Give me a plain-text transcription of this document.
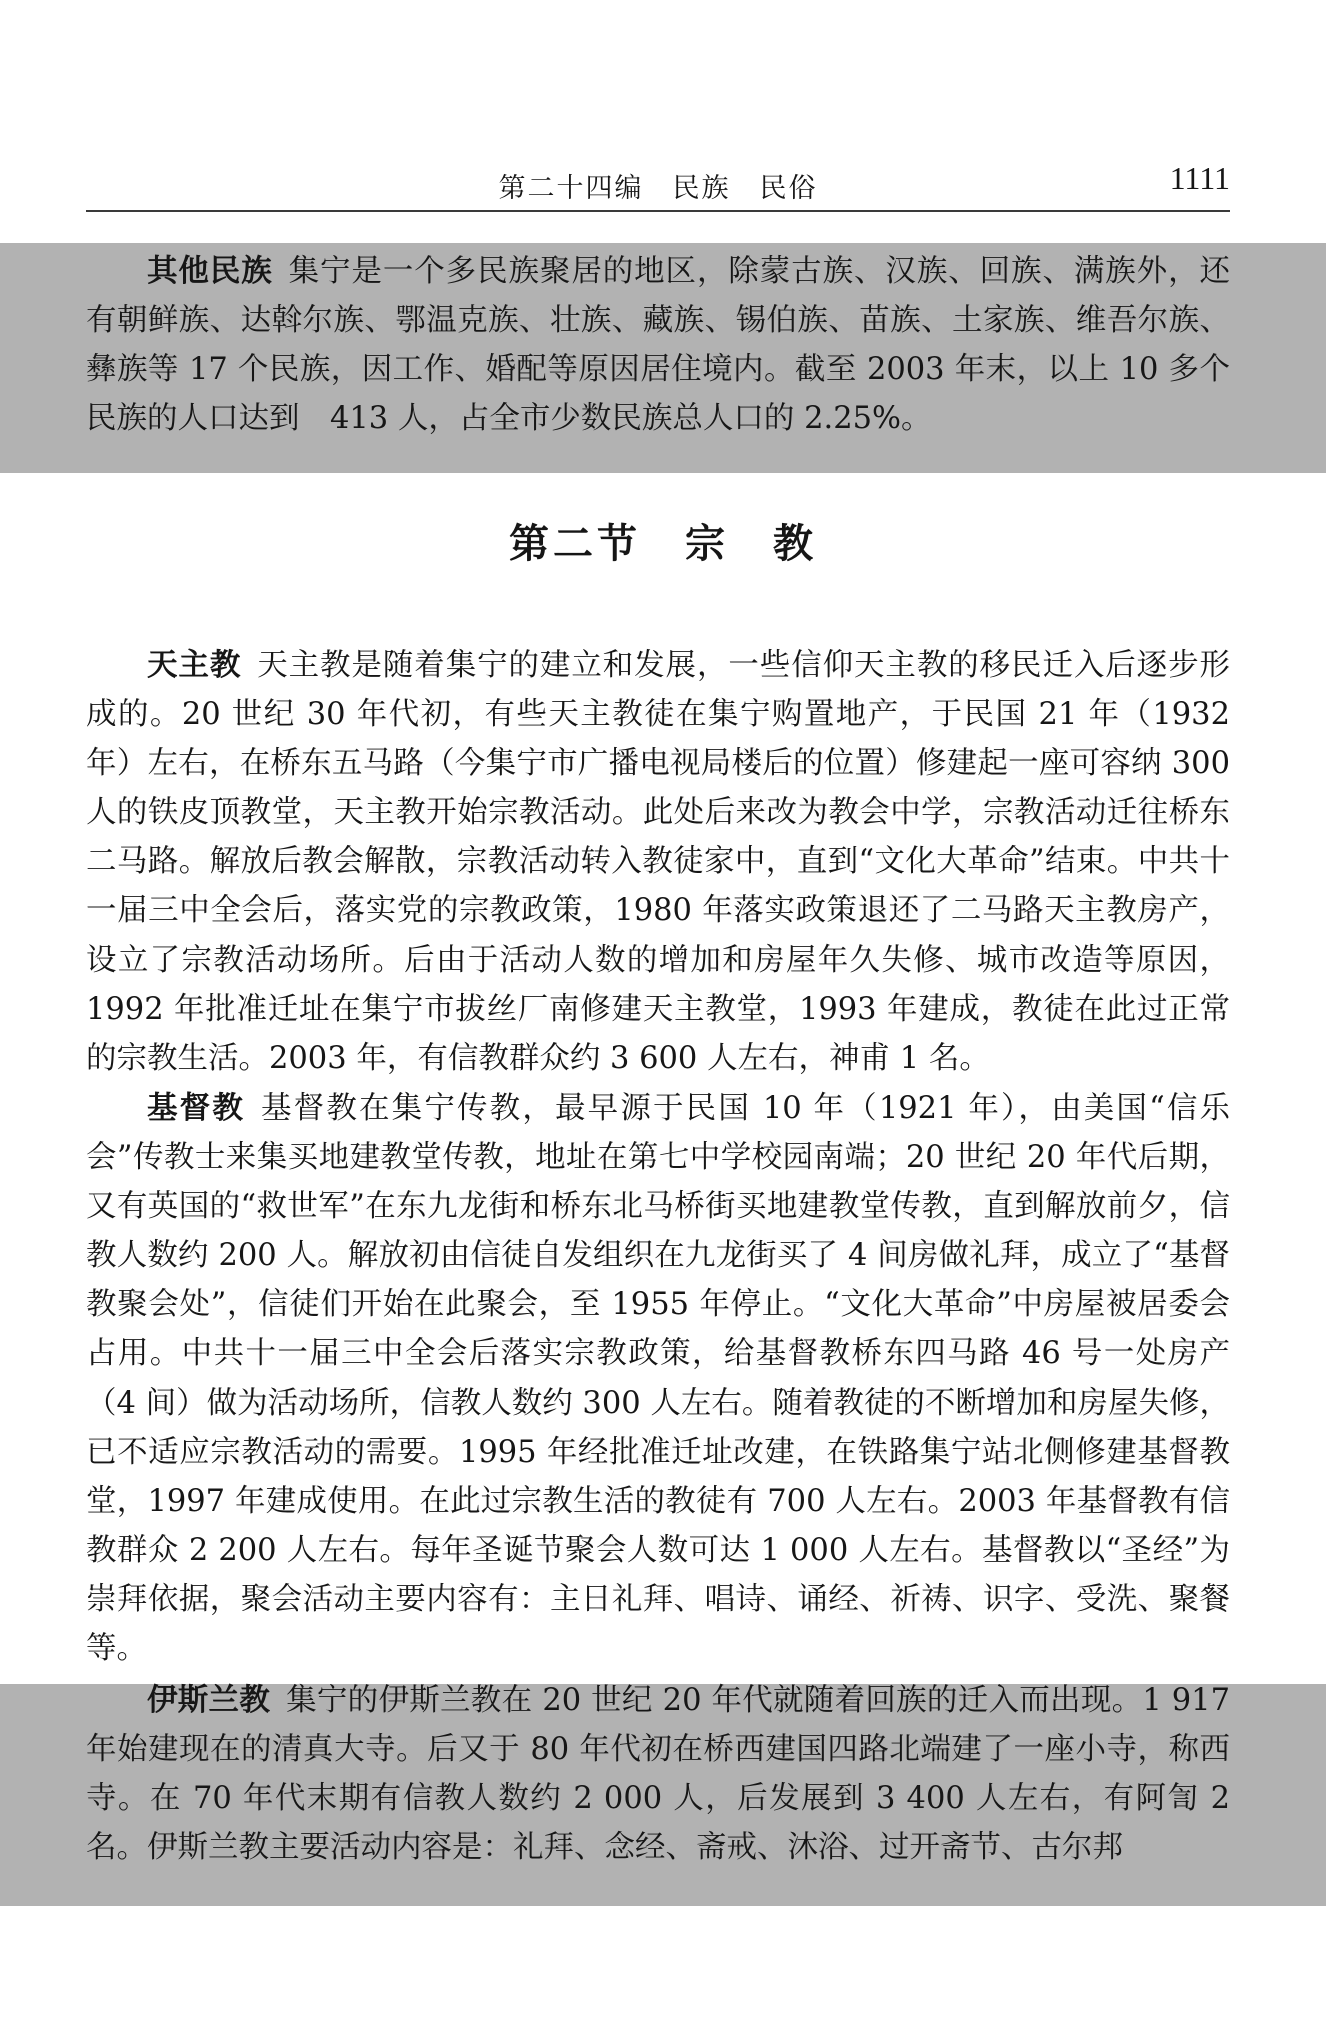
第二十四编　民族　民俗	1111

其他民族 集宁是一个多民族聚居的地区，除蒙古族、汉族、回族、满族外，还有朝鲜族、达斡尔族、鄂温克族、壮族、藏族、锡伯族、苗族、土家族、维吾尔族、彝族等 17 个民族，因工作、婚配等原因居住境内。截至 2003 年末，以上 10 多个民族的人口达到　413 人，占全市少数民族总人口的 2.25%。

第二节　宗　教

天主教 天主教是随着集宁的建立和发展，一些信仰天主教的移民迁入后逐步形成的。20 世纪 30 年代初，有些天主教徒在集宁购置地产，于民国 21 年（1932 年）左右，在桥东五马路（今集宁市广播电视局楼后的位置）修建起一座可容纳 300 人的铁皮顶教堂，天主教开始宗教活动。此处后来改为教会中学，宗教活动迁往桥东二马路。解放后教会解散，宗教活动转入教徒家中，直到“文化大革命”结束。中共十一届三中全会后，落实党的宗教政策，1980 年落实政策退还了二马路天主教房产，设立了宗教活动场所。后由于活动人数的增加和房屋年久失修、城市改造等原因，1992 年批准迁址在集宁市拔丝厂南修建天主教堂，1993 年建成，教徒在此过正常的宗教生活。2003 年，有信教群众约 3 600 人左右，神甫 1 名。

基督教 基督教在集宁传教，最早源于民国 10 年（1921 年），由美国“信乐会”传教士来集买地建教堂传教，地址在第七中学校园南端；20 世纪 20 年代后期，又有英国的“救世军”在东九龙街和桥东北马桥街买地建教堂传教，直到解放前夕，信教人数约 200 人。解放初由信徒自发组织在九龙街买了 4 间房做礼拜，成立了“基督教聚会处”，信徒们开始在此聚会，至 1955 年停止。“文化大革命”中房屋被居委会占用。中共十一届三中全会后落实宗教政策，给基督教桥东四马路 46 号一处房产（4 间）做为活动场所，信教人数约 300 人左右。随着教徒的不断增加和房屋失修，已不适应宗教活动的需要。1995 年经批准迁址改建，在铁路集宁站北侧修建基督教堂，1997 年建成使用。在此过宗教生活的教徒有 700 人左右。2003 年基督教有信教群众 2 200 人左右。每年圣诞节聚会人数可达 1 000 人左右。基督教以“圣经”为崇拜依据，聚会活动主要内容有：主日礼拜、唱诗、诵经、祈祷、识字、受洗、聚餐等。

伊斯兰教 集宁的伊斯兰教在 20 世纪 20 年代就随着回族的迁入而出现。1 917 年始建现在的清真大寺。后又于 80 年代初在桥西建国四路北端建了一座小寺，称西寺。在 70 年代末期有信教人数约 2 000 人，后发展到 3 400 人左右，有阿訇 2 名。伊斯兰教主要活动内容是：礼拜、念经、斋戒、沐浴、过开斋节、古尔邦
